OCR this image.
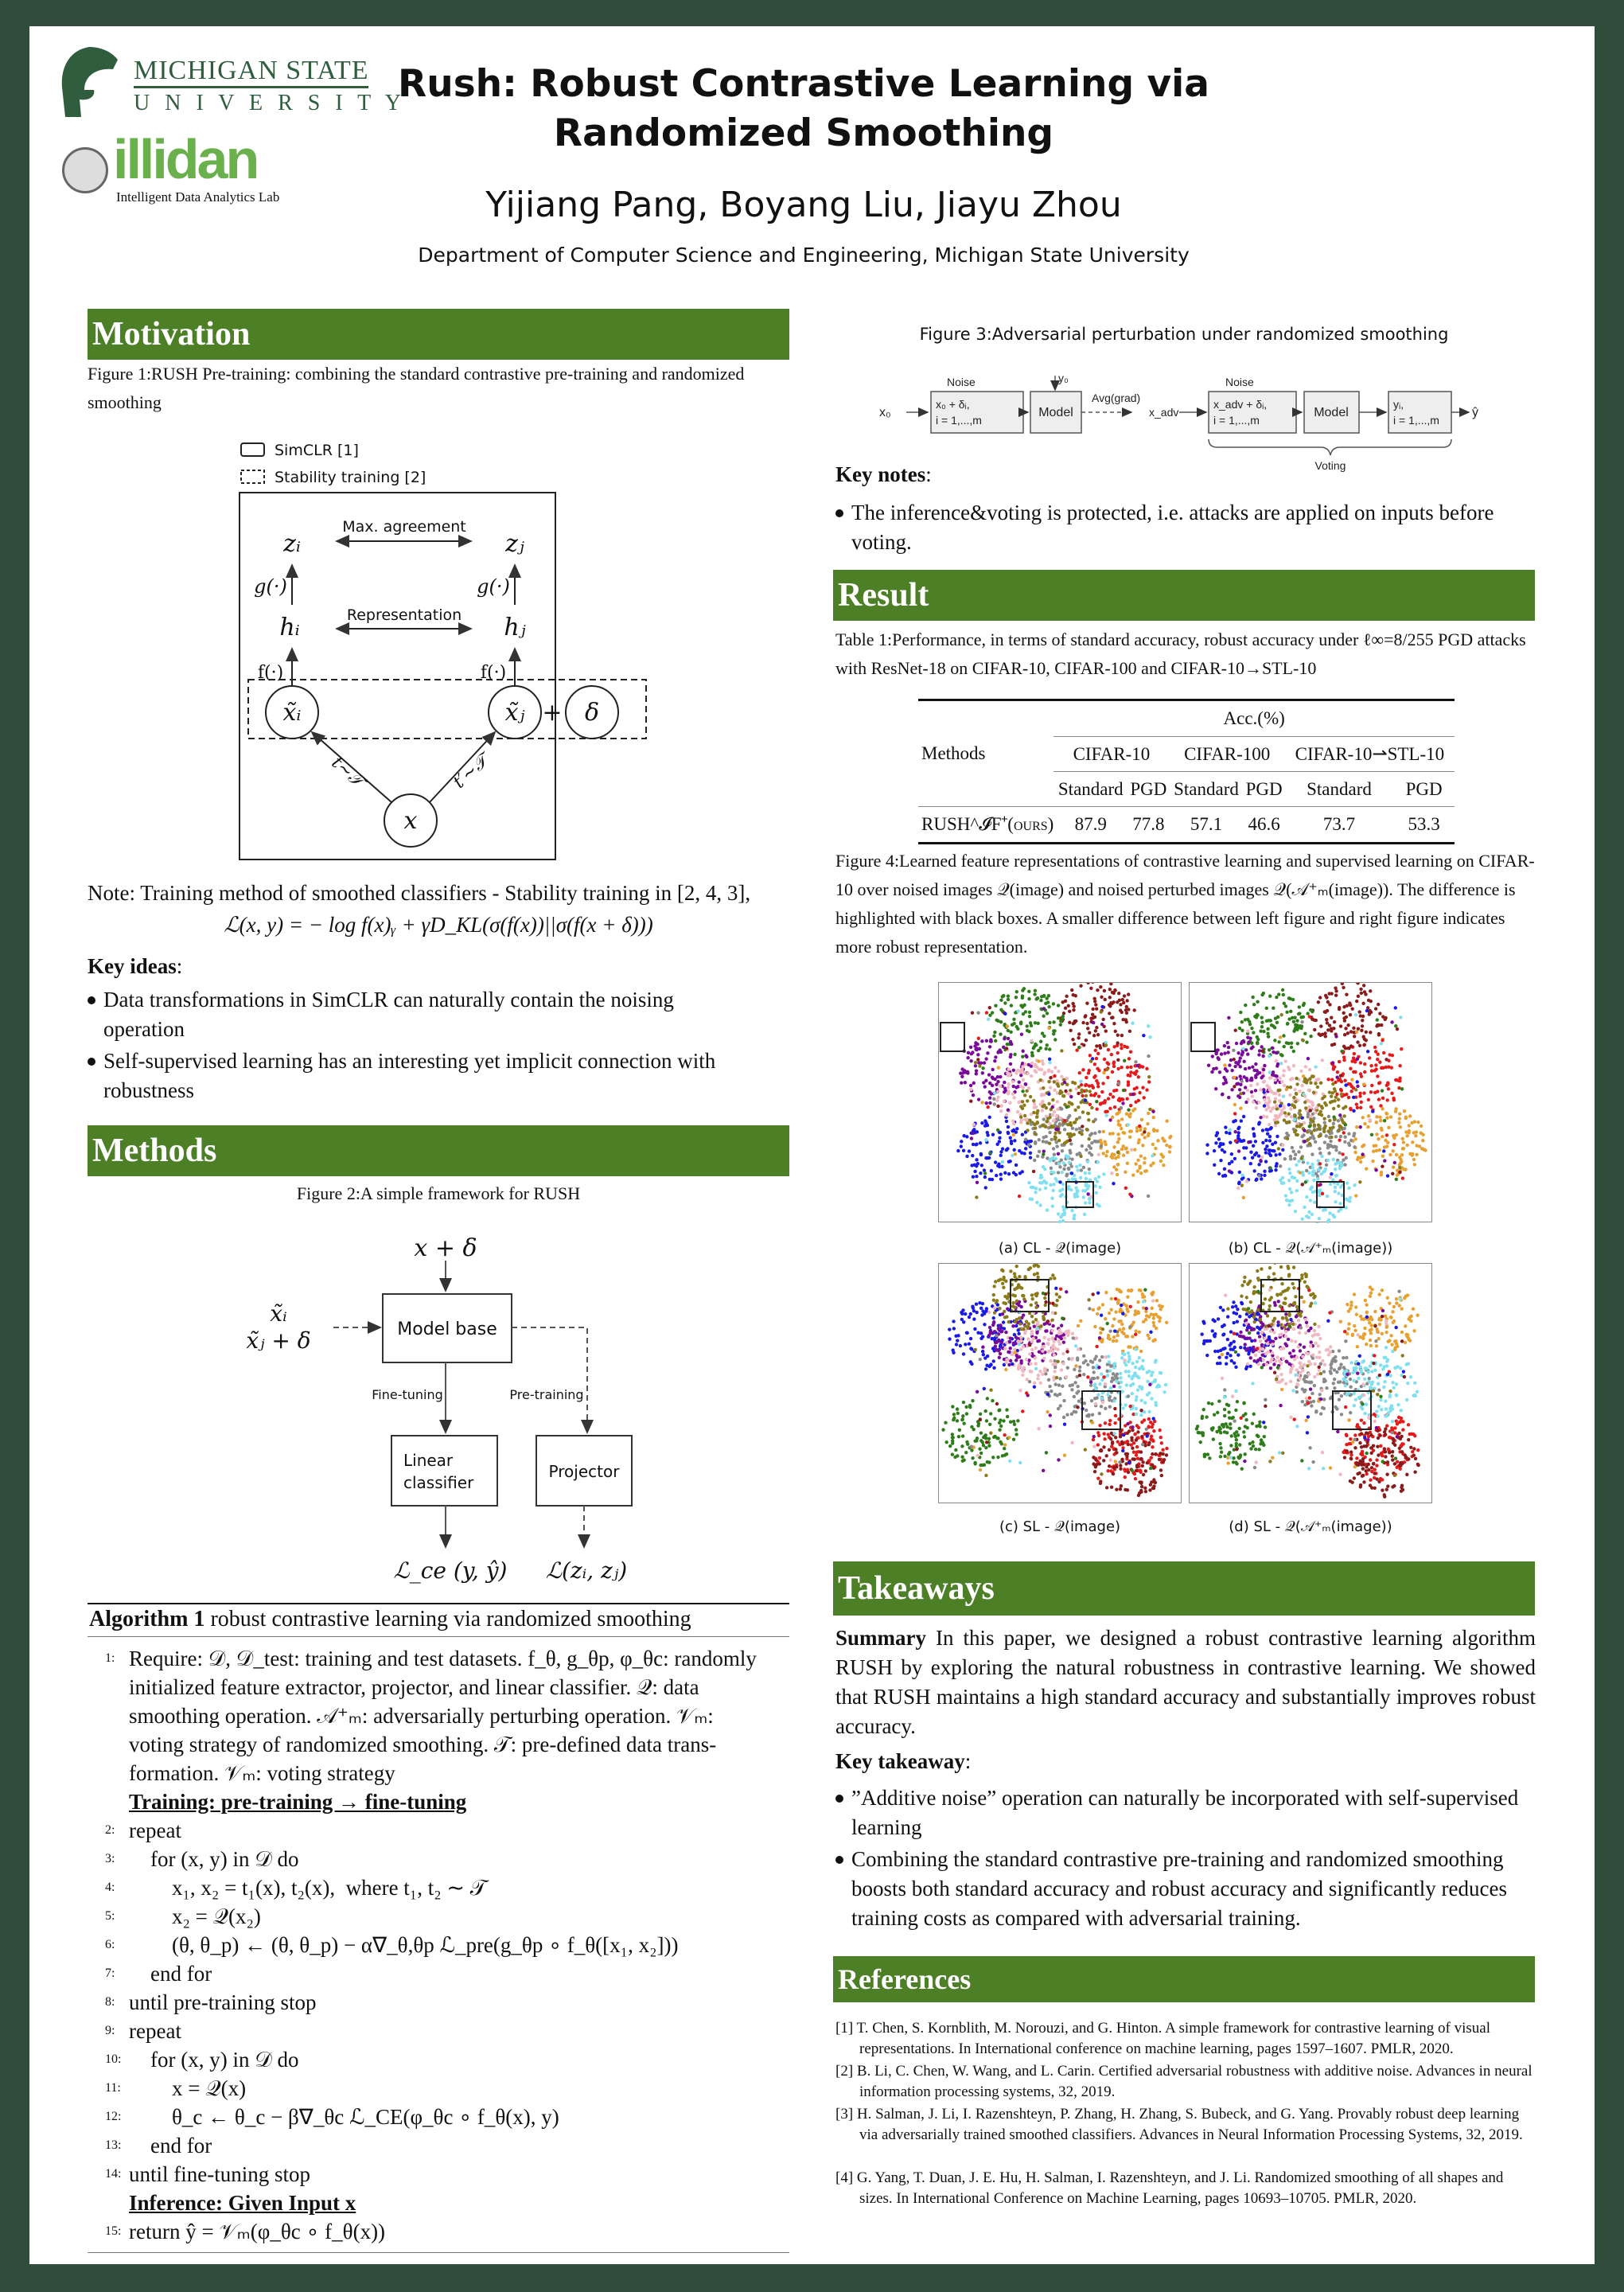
MICHIGAN STATE
U N I V E R S I T Y
illidan
Intelligent Data Analytics Lab
Rush: Robust Contrastive Learning via
Randomized Smoothing
Yijiang Pang, Boyang Liu, Jiayu Zhou
Department of Computer Science and Engineering, Michigan State University
Motivation
Figure 1:RUSH Pre-training: combining the standard contrastive pre-training and randomized smoothing
Note: Training method of smoothed classifiers - Stability training in [2, 4, 3],
ℒ(x, y) = − log f(x)ᵧ + γD_KL(σ(f(x))||σ(f(x + δ)))
Key ideas:
Data transformations in SimCLR can naturally contain the noising operation
Self-supervised learning has an interesting yet implicit connection with robustness
Methods
Figure 2:A simple framework for RUSH
Algorithm 1 robust contrastive learning via randomized smoothing
1: Require: 𝒟, 𝒟_test: training and test datasets. f_θ, g_θp, φ_θc: randomly
initialized feature extractor, projector, and linear classifier. 𝒬: data
smoothing operation. 𝒜⁺ₘ: adversarially perturbing operation. 𝒱ₘ:
voting strategy of randomized smoothing. 𝒯: pre-defined data trans-
formation. 𝒱ₘ: voting strategy
Training: pre-training → fine-tuning
2: repeat
3: for (x, y) in 𝒟 do
4: x₁, x₂ = t₁(x), t₂(x),  where t₁, t₂ ∼ 𝒯
5: x₂ = 𝒬(x₂)
6: (θ, θ_p) ← (θ, θ_p) − α∇_θ,θp ℒ_pre(g_θp ∘ f_θ([x₁, x₂]))
7: end for
8: until pre-training stop
9: repeat
10: for (x, y) in 𝒟 do
11: x = 𝒬(x)
12: θ_c ← θ_c − β∇_θc ℒ_CE(φ_θc ∘ f_θ(x), y)
13: end for
14: until fine-tuning stop
Inference: Given Input x
15: return ŷ = 𝒱ₘ(φ_θc ∘ f_θ(x))
Figure 3:Adversarial perturbation under randomized smoothing
Key notes:
The inference&voting is protected, i.e. attacks are applied on inputs before voting.
Result
Table 1:Performance, in terms of standard accuracy, robust accuracy under ℓ∞=8/255 PGD attacks with ResNet-18 on CIFAR-10, CIFAR-100 and CIFAR-10→STL-10
Methods	Acc.(%)					
	CIFAR-10		CIFAR-100		CIFAR-10⇀STL-10	
	Standard	PGD	Standard	PGD	Standard	PGD
RUSH^𝓘F⁺(ours)	87.9	77.8	57.1	46.6	73.7	53.3
Figure 4:Learned feature representations of contrastive learning and supervised learning on CIFAR-10 over noised images 𝒬(image) and noised perturbed images 𝒬(𝒜⁺ₘ(image)). The difference is highlighted with black boxes. A smaller difference between left figure and right figure indicates more robust representation.
(a) CL - 𝒬(image)	(b) CL - 𝒬(𝒜⁺ₘ(image))
(c) SL - 𝒬(image)	(d) SL - 𝒬(𝒜⁺ₘ(image))
Takeaways
Summary In this paper, we designed a robust contrastive learning algorithm RUSH by exploring the natural robustness in contrastive learning. We showed that RUSH maintains a high standard accuracy and substantially improves robust accuracy.
Key takeaway:
”Additive noise” operation can naturally be incorporated with self-supervised learning
Combining the standard contrastive pre-training and randomized smoothing boosts both standard accuracy and robust accuracy and significantly reduces training costs as compared with adversarial training.
References
[1] T. Chen, S. Kornblith, M. Norouzi, and G. Hinton. A simple framework for contrastive learning of visual representations. In International conference on machine learning, pages 1597–1607. PMLR, 2020.
[2] B. Li, C. Chen, W. Wang, and L. Carin. Certified adversarial robustness with additive noise. Advances in neural information processing systems, 32, 2019.
[3] H. Salman, J. Li, I. Razenshteyn, P. Zhang, H. Zhang, S. Bubeck, and G. Yang. Provably robust deep learning via adversarially trained smoothed classifiers. Advances in Neural Information Processing Systems, 32, 2019.
[4] G. Yang, T. Duan, J. E. Hu, H. Salman, I. Razenshteyn, and J. Li. Randomized smoothing of all shapes and sizes. In International Conference on Machine Learning, pages 10693–10705. PMLR, 2020.
SimCLR [1]
Stability training [2]
Max. agreement
Representation
zᵢ	zⱼ
g(·)	g(·)
hᵢ	hⱼ
f(·)	f(·)
x̃ᵢ	x̃ⱼ + δ
x
t∼𝒯	t′∼𝒯
x + δ
x̃ᵢ
x̃ⱼ + δ	Model base
Fine-tuning	Pre-training
Linear
classifier
Projector
ℒ_ce (y, ŷ) ℒ(zᵢ, zⱼ)
x₀
Noise
x₀ + δᵢ,
i = 1,...,m
y₀
Model
Avg(grad)
x_adv
Noise
x_adv + δᵢ,
i = 1,...,m
Model
yᵢ,
i = 1,...,m
ŷ
Voting
